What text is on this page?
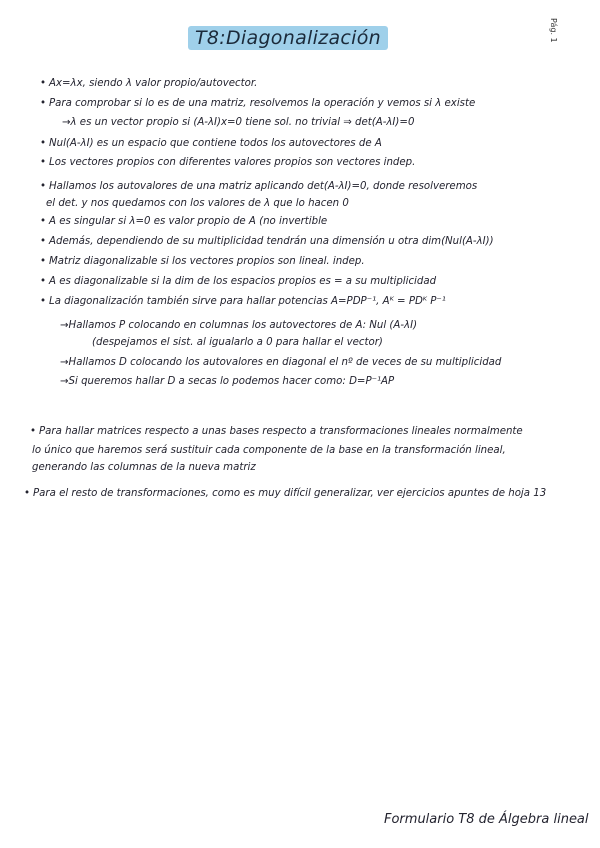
T8:Diagonalización	Pág. 1
• Ax=λx, siendo λ valor propio/autovector.
• Para comprobar si lo es de una matriz, resolvemos la operación y vemos si λ existe
→λ es un vector propio si (A-λI)x=0 tiene sol. no trivial ⇒ det(A-λI)=0
• Nul(A-λI) es un espacio que contiene todos los autovectores de A
• Los vectores propios con diferentes valores propios son vectores indep.
• Hallamos los autovalores de una matriz aplicando det(A-λI)=0, donde resolveremos
el det. y nos quedamos con los valores de λ que lo hacen 0
• A es singular si λ=0 es valor propio de A (no invertible
• Además, dependiendo de su multiplicidad tendrán una dimensión u otra dim(Nul(A-λI))
• Matriz diagonalizable si los vectores propios son lineal. indep.
• A es diagonalizable si la dim de los espacios propios es = a su multiplicidad
• La diagonalización también sirve para hallar potencias A=PDP⁻¹, Aᴷ = PDᴷ P⁻¹
→Hallamos P colocando en columnas los autovectores de A: Nul (A-λI)
(despejamos el sist. al igualarlo a 0 para hallar el vector)
→Hallamos D colocando los autovalores en diagonal el nº de veces de su multiplicidad
→Si queremos hallar D a secas lo podemos hacer como: D=P⁻¹AP
• Para hallar matrices respecto a unas bases respecto a transformaciones lineales normalmente
lo único que haremos será sustituir cada componente de la base en la transformación lineal,
generando las columnas de la nueva matriz
• Para el resto de transformaciones, como es muy difícil generalizar, ver ejercicios apuntes de hoja 13
Formulario T8 de Álgebra lineal
